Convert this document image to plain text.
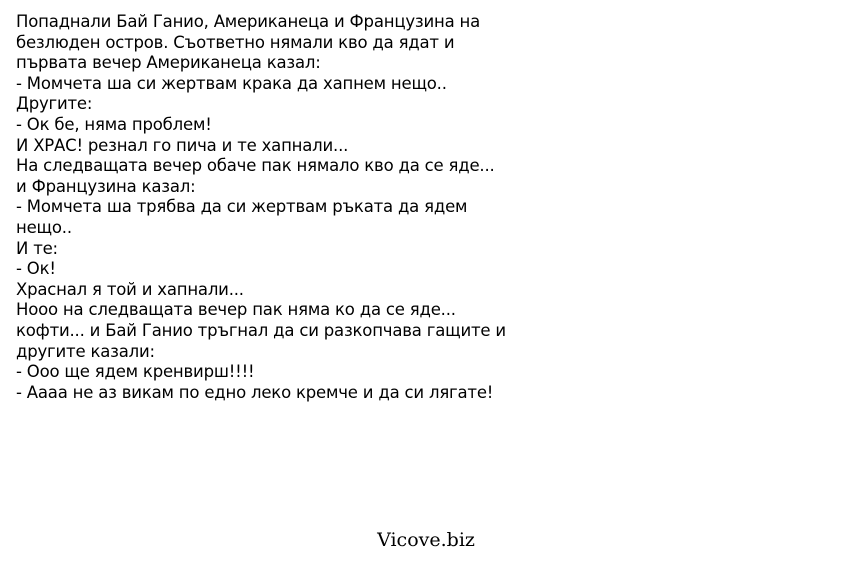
Попаднали Бай Ганио, Американеца и Французина на
безлюден остров. Съответно нямали кво да ядат и
първата вечер Американеца казал:
- Момчета ша си жертвам крака да хапнем нещо..
Другите:
- Ок бе, няма проблем!
И ХРАС! резнал го пича и те хапнали...
На следващата вечер обаче пак нямало кво да се яде...
и Французина казал:
- Момчета ша трябва да си жертвам ръката да ядем
нещо..
И те:
- Ок!
Храснал я той и хапнали...
Нооо на следващата вечер пак няма ко да се яде...
кофти... и Бай Ганио тръгнал да си разкопчава гащите и
другите казали:
- Ооо ще ядем кренвирш!!!!
- Аааа не аз викам по едно леко кремче и да си лягате!
Vicove.biz
